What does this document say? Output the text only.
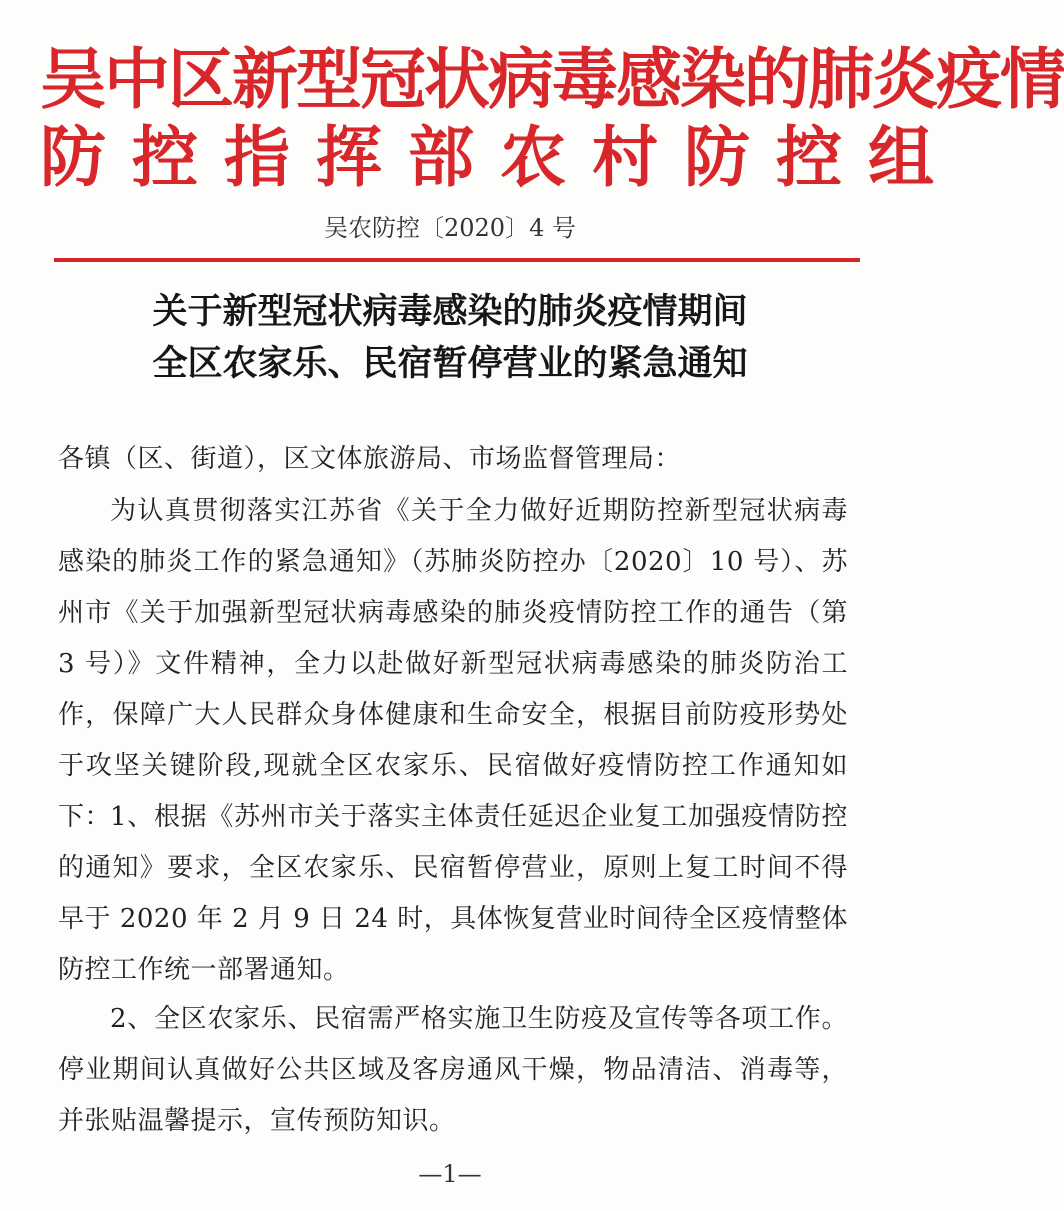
吴中区新型冠状病毒感染的肺炎疫情
防控指挥部农村防控组
吴农防控〔2020〕4 号
关于新型冠状病毒感染的肺炎疫情期间
全区农家乐、民宿暂停营业的紧急通知
各镇（区、街道），区文体旅游局、市场监督管理局：
为认真贯彻落实江苏省《关于全力做好近期防控新型冠状病毒感染的肺炎工作的紧急通知》（苏肺炎防控办〔2020〕10 号）、苏州市《关于加强新型冠状病毒感染的肺炎疫情防控工作的通告（第 3 号）》文件精神，全力以赴做好新型冠状病毒感染的肺炎防治工作，保障广大人民群众身体健康和生命安全，根据目前防疫形势处于攻坚关键阶段,现就全区农家乐、民宿做好疫情防控工作通知如下：
1、根据《苏州市关于落实主体责任延迟企业复工加强疫情防控的通知》要求，全区农家乐、民宿暂停营业，原则上复工时间不得早于 2020 年 2 月 9 日 24 时，具体恢复营业时间待全区疫情整体防控工作统一部署通知。
2、全区农家乐、民宿需严格实施卫生防疫及宣传等各项工作。停业期间认真做好公共区域及客房通风干燥，物品清洁、消毒等，并张贴温馨提示，宣传预防知识。
—1—
